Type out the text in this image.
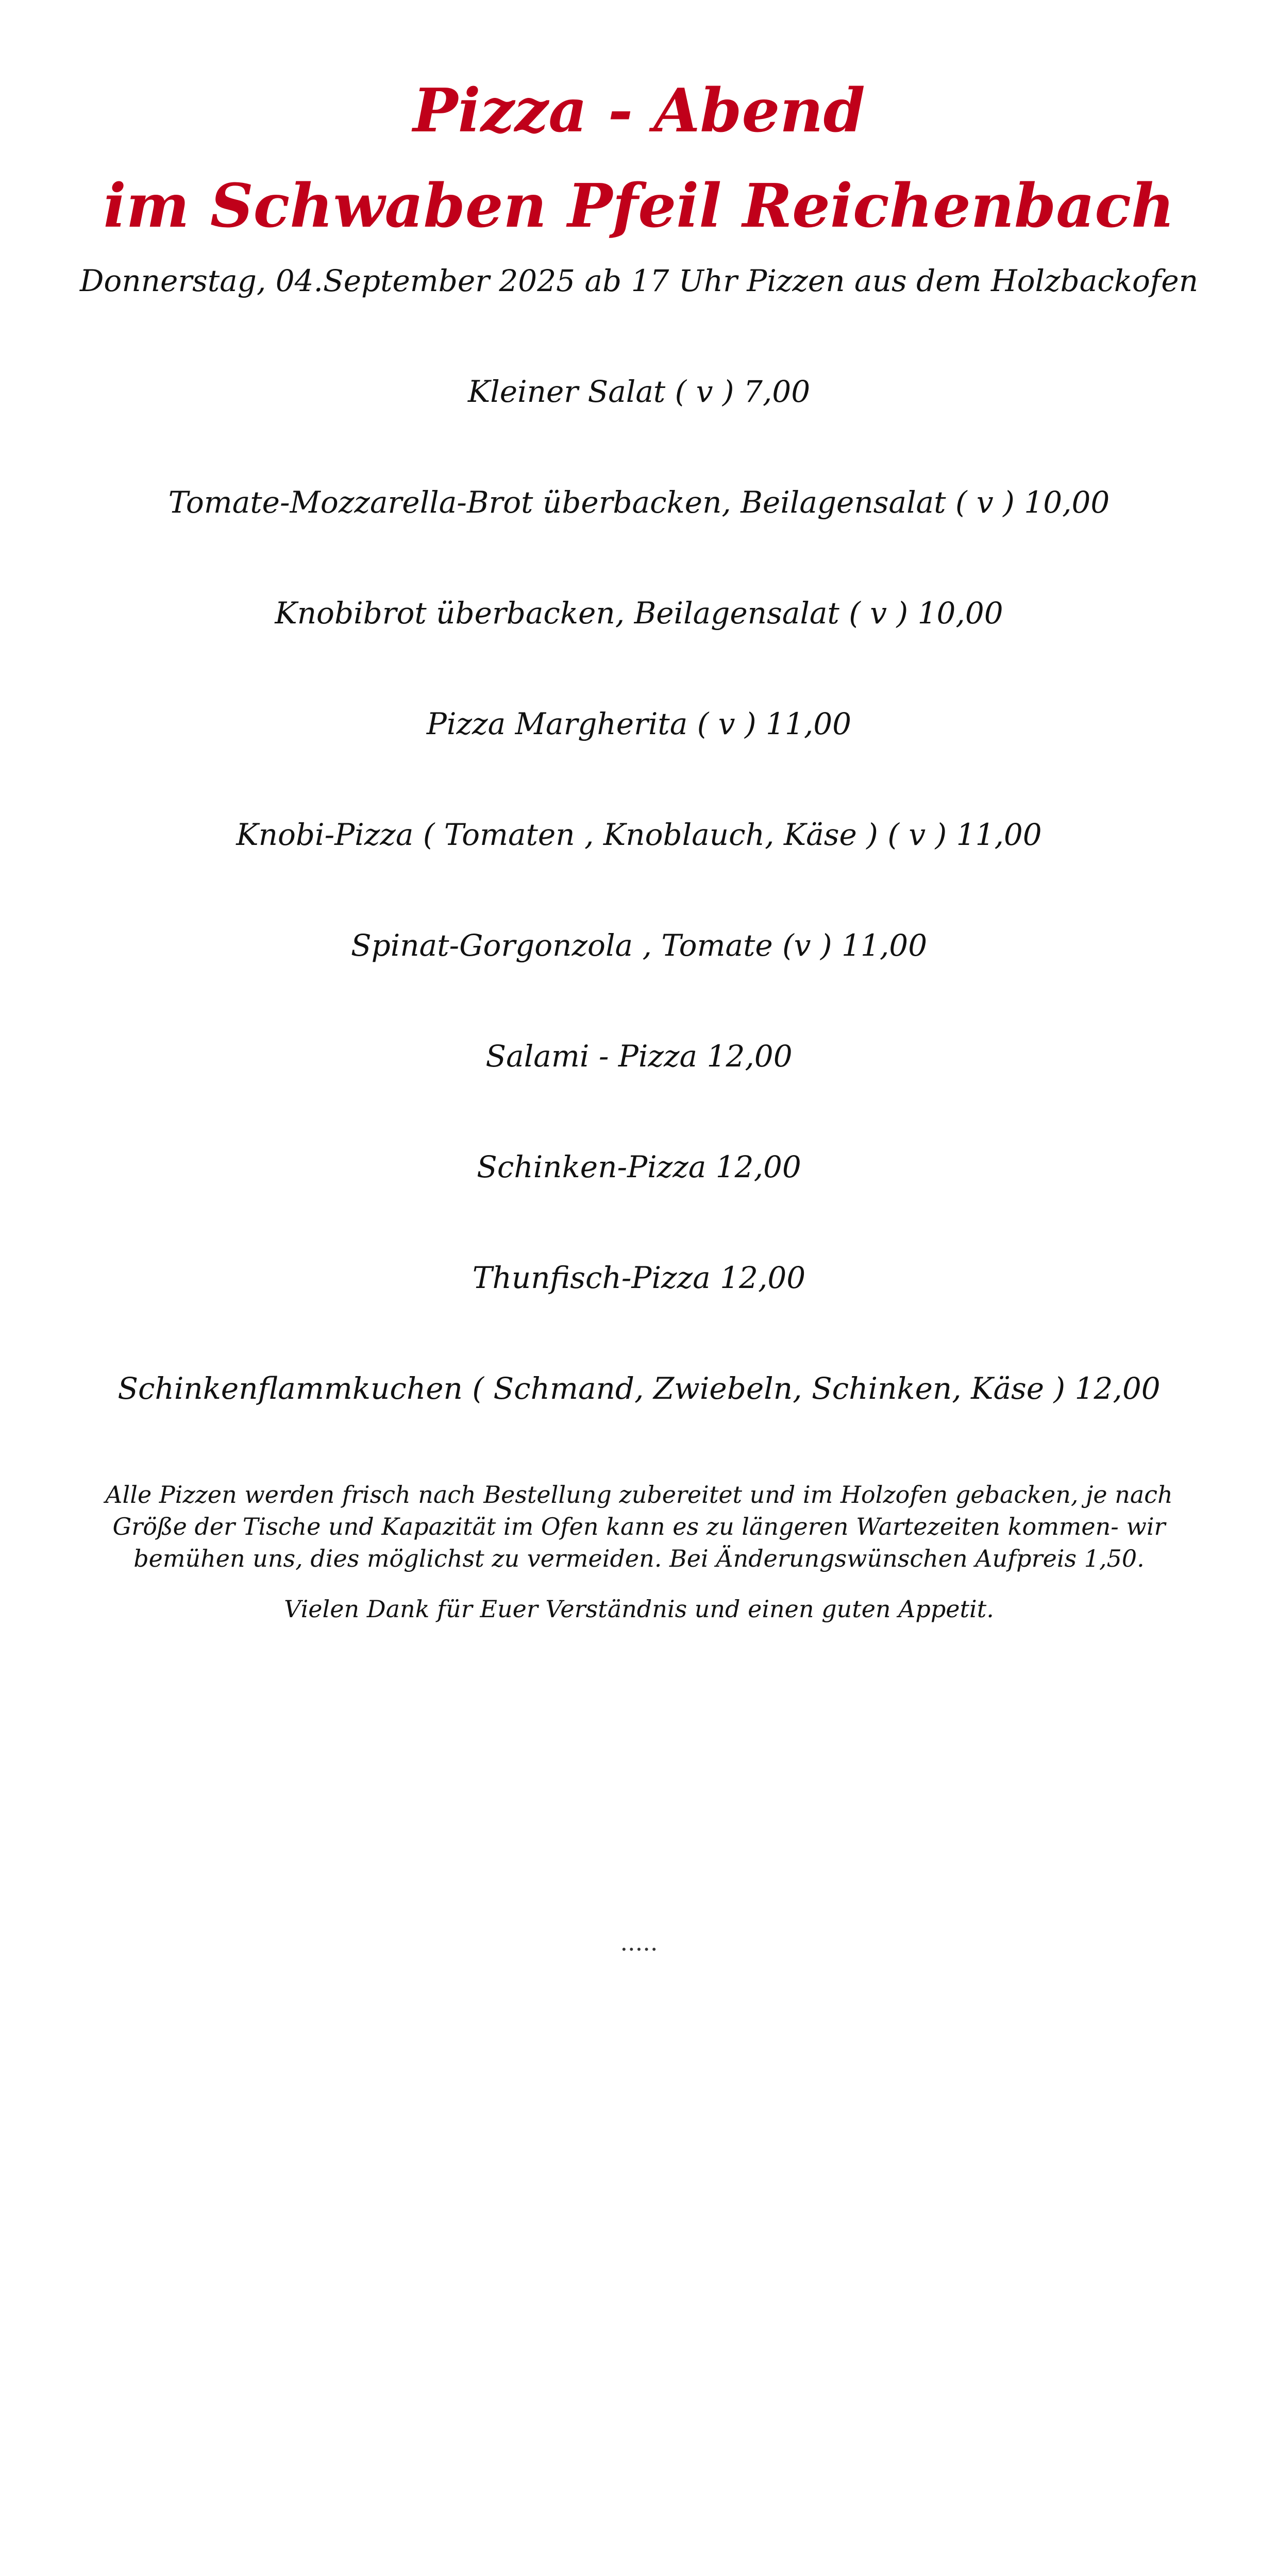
Pizza - Abend
im Schwaben Pfeil Reichenbach
Donnerstag, 04.September 2025 ab 17 Uhr Pizzen aus dem Holzbackofen
Kleiner Salat ( v ) 7,00
Tomate-Mozzarella-Brot überbacken, Beilagensalat ( v ) 10,00
Knobibrot überbacken, Beilagensalat ( v ) 10,00
Pizza Margherita ( v ) 11,00
Knobi-Pizza ( Tomaten , Knoblauch, Käse ) ( v ) 11,00
Spinat-Gorgonzola , Tomate (v ) 11,00
Salami - Pizza 12,00
Schinken-Pizza 12,00
Thunfisch-Pizza 12,00
Schinkenflammkuchen ( Schmand, Zwiebeln, Schinken, Käse ) 12,00
Alle Pizzen werden frisch nach Bestellung zubereitet und im Holzofen gebacken, je nach Größe der Tische und Kapazität im Ofen kann es zu längeren Wartezeiten kommen- wir bemühen uns, dies möglichst zu vermeiden. Bei Änderungswünschen Aufpreis 1,50.
Vielen Dank für Euer Verständnis und einen guten Appetit.
.....
